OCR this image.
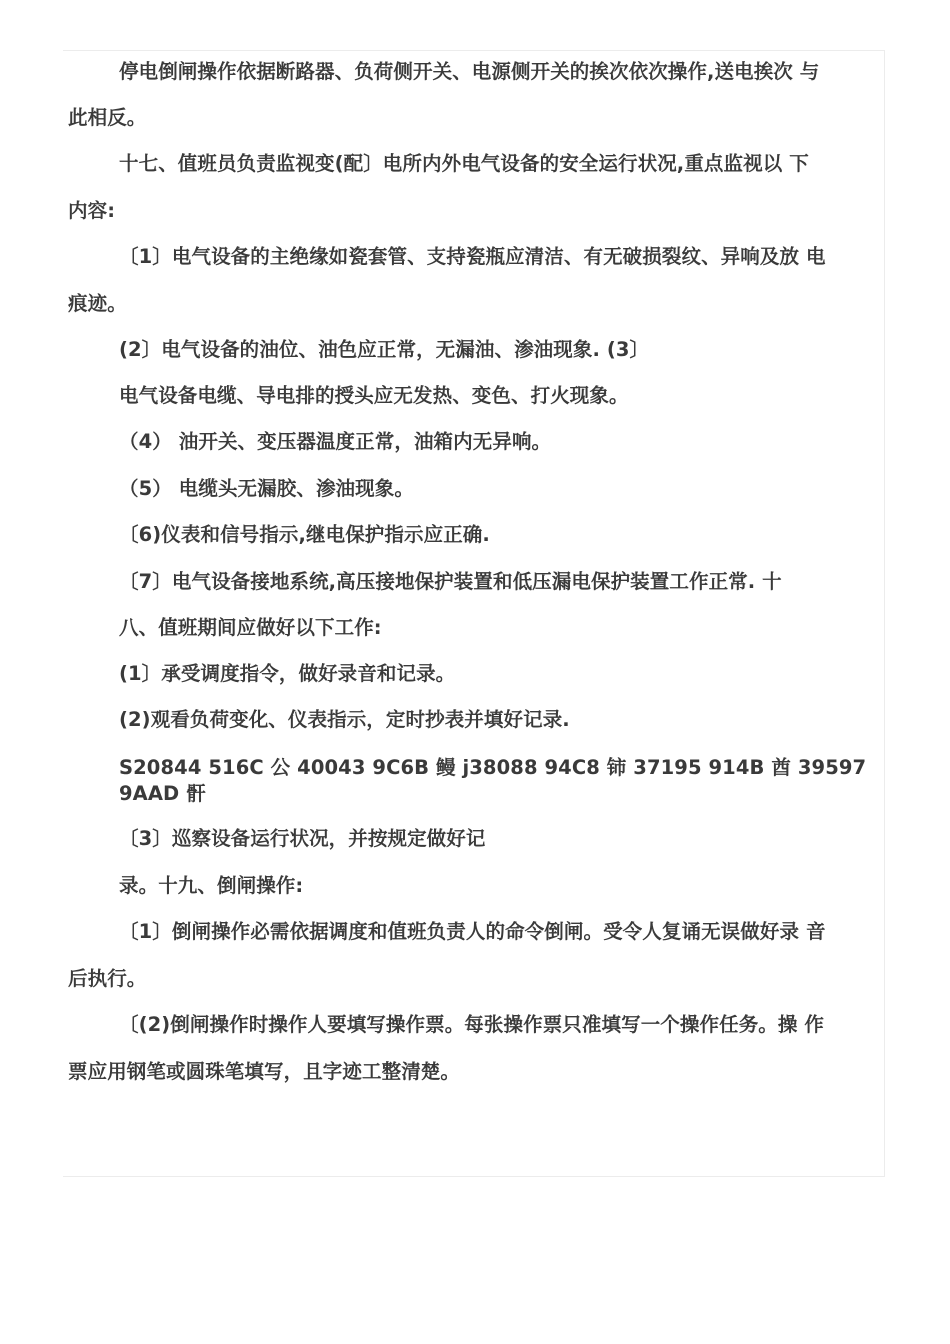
停电倒闸操作依据断路器、负荷侧开关、电源侧开关的挨次依次操作,送电挨次 与
此相反。
十七、值班员负责监视变(配〕电所内外电气设备的安全运行状况,重点监视以 下
内容:
〔1〕电气设备的主绝缘如瓷套管、支持瓷瓶应清洁、有无破损裂纹、异响及放 电
痕迹。
(2〕电气设备的油位、油色应正常，无漏油、渗油现象. (3〕
电气设备电缆、导电排的授头应无发热、变色、打火现象。
（4） 油开关、变压器温度正常，油箱内无异响。
（5） 电缆头无漏胶、渗油现象。
〔6)仪表和信号指示,继电保护指示应正确.
〔7〕电气设备接地系统,高压接地保护装置和低压漏电保护装置工作正常. 十
八、值班期间应做好以下工作:
(1〕承受调度指令，做好录音和记录。
(2)观看负荷变化、仪表指示，定时抄表并填好记录.
S20844 516C 公 40043 9C6B 鳗 j38088 94C8 铈 37195 914B 酋 39597 9AAD 骭
〔3〕巡察设备运行状况，并按规定做好记
录。十九、倒闸操作:
〔1〕倒闸操作必需依据调度和值班负责人的命令倒闸。受令人复诵无误做好录 音
后执行。
〔(2)倒闸操作时操作人要填写操作票。每张操作票只准填写一个操作任务。操 作
票应用钢笔或圆珠笔填写，且字迹工整清楚。
